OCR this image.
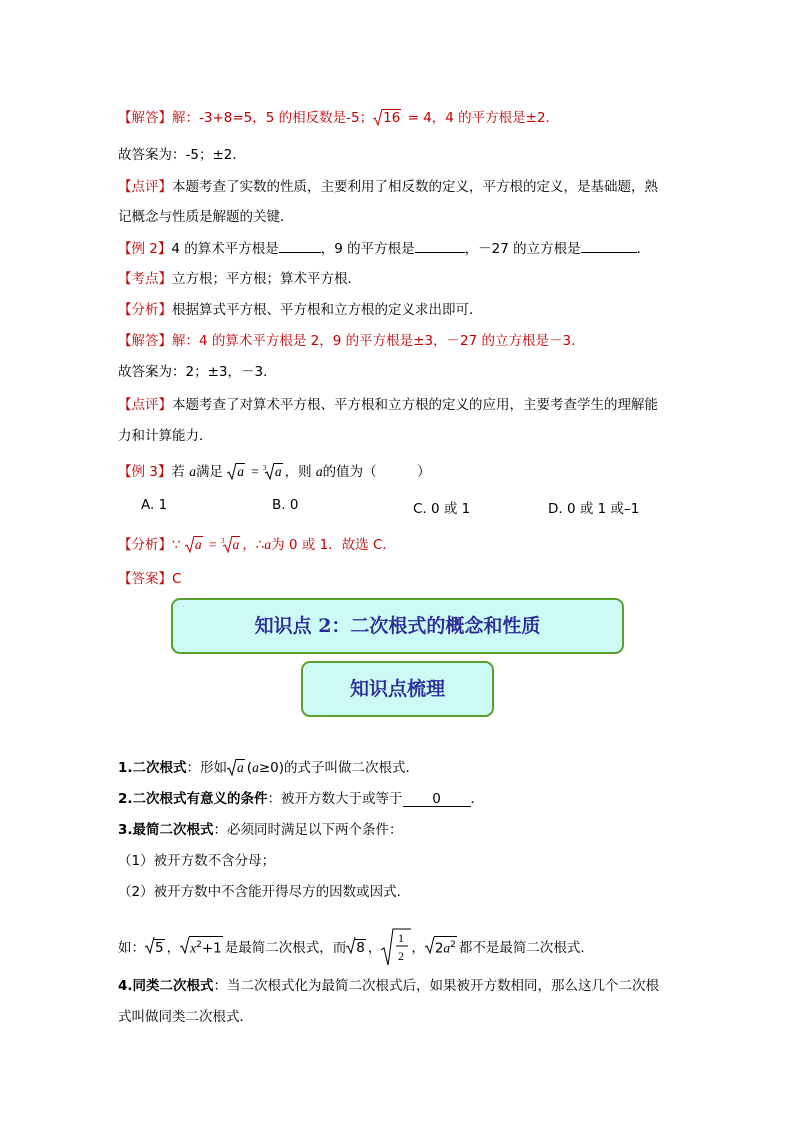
【解答】解：-3+8=5，5 的相反数是-5； 16 = 4，4 的平方根是±2．
故答案为：-5；±2．
【点评】本题考查了实数的性质，主要利用了相反数的定义，平方根的定义，是基础题，熟
记概念与性质是解题的关键．
【例 2】4 的算术平方根是	，9 的平方根是	，－27 的立方根是	．
【考点】立方根；平方根；算术平方根．
【分析】根据算式平方根、平方根和立方根的定义求出即可．
【解答】解：4 的算术平方根是 2，9 的平方根是±3，－27 的立方根是－3．
故答案为：2；±3，－3．
【点评】本题考查了对算术平方根、平方根和立方根的定义的应用，主要考查学生的理解能
力和计算能力．
【例 3】若 a满足
a = 3 a ，则 a的值为（　　　）
A. 1	B. 0	C. 0 或 1	D. 0 或 1 或–1
【分析】∵
a = 3 a ，∴a为 0 或 1．故选 C．
【答案】C
知识点 2：二次根式的概念和性质
知识点梳理
1.二次根式：形如 a (a≥0)的式子叫做二次根式．
2.二次根式有意义的条件：被开方数大于或等于 0 ．
3.最简二次根式：必须同时满足以下两个条件：
（1）被开方数不含分母；
（2）被开方数中不含能开得尽方的因数或因式．
如： 5 ， $x^2+1$ 是最简二次根式，而 8 ，
1
2 ， $2a^2$ 都不是最简二次根式．
4.同类二次根式：当二次根式化为最简二次根式后，如果被开方数相同，那么这几个二次根
式叫做同类二次根式．
